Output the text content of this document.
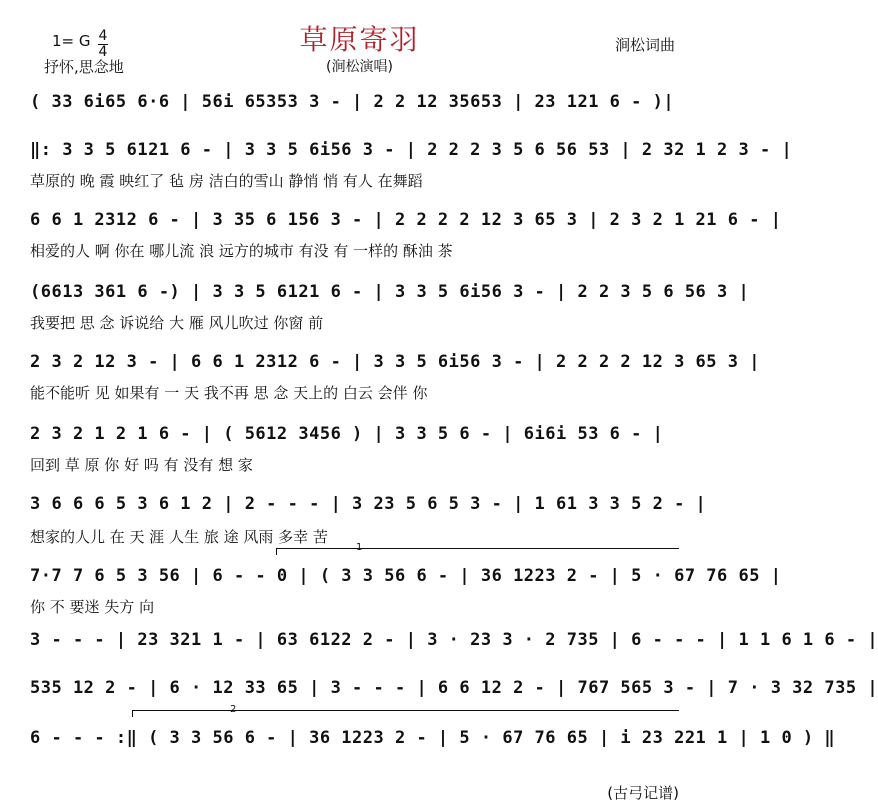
草原寄羽
1= G 4
4
抒怀,思念地	(涧松演唱)
涧松词曲
( 33 6i65 6·6 | 56i 65353 3 - | 2 2 12 35653 | 23 121 6 - )|
‖: 3 3 5 6121 6 - | 3 3 5 6i56 3 - | 2 2 2 3 5 6 56 53 | 2 32 1 2 3 - |
草原的 晚 霞 映红了 毡 房 洁白的雪山 静悄 悄 有人 在舞蹈
6 6 1 2312 6 - | 3 35 6 156 3 - | 2 2 2 2 12 3 65 3 | 2 3 2 1 21 6 - |
相爱的人 啊 你在 哪儿流 浪 远方的城市 有没 有 一样的 酥油 茶
(6613 361 6 -) | 3 3 5 6121 6 - | 3 3 5 6i56 3 - | 2 2 3 5 6 56 3 |
我要把 思 念 诉说给 大 雁 风儿吹过 你窗 前
2 3 2 12 3 - | 6 6 1 2312 6 - | 3 3 5 6i56 3 - | 2 2 2 2 12 3 65 3 |
能不能听 见 如果有 一 天 我不再 思 念 天上的 白云 会伴 你
2 3 2 1 2 1 6 - | ( 5612 3456 ) | 3 3 5 6 - | 6i6i 53 6 - |
回到 草 原 你 好 吗 有 没有 想 家
3 6 6 6 5 3 6 1 2 | 2 - - - | 3 23 5 6 5 3 - | 1 61 3 3 5 2 - |
想家的人儿 在 天 涯 人生 旅 途 风雨 多幸 苦
1
7·7 7 6 5 3 56 | 6 - - 0 | ( 3 3 56 6 - | 36 1223 2 - | 5 · 67 76 65 |
你 不 要迷 失方 向
3 - - - | 23 321 1 - | 63 6122 2 - | 3 · 23 3 · 2 735 | 6 - - - | 1 1 6 1 6 - |
535 12 2 - | 6 · 12 33 65 | 3 - - - | 6 6 12 2 - | 767 565 3 - | 7 · 3 32 735 |
2
6 - - - :‖ ( 3 3 56 6 - | 36 1223 2 - | 5 · 67 76 65 | i 23 221 1 | 1 0 ) ‖
(古弓记谱)
